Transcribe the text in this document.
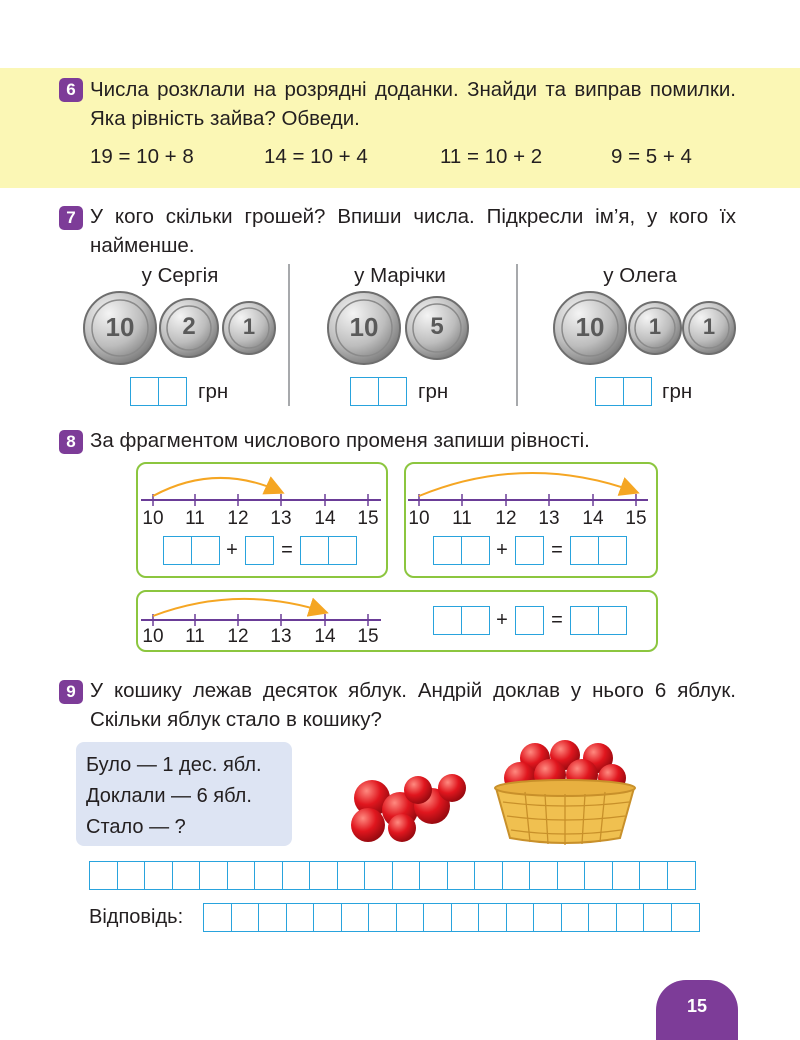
6 Числа розклали на розрядні доданки. Знайди та виправ помилки. Яка рівність зайва? Обведи.
19 = 10 + 8	14 = 10 + 4	11 = 10 + 2	9 = 5 + 4
7 У кого скільки грошей? Впиши числа. Підкресли ім’я, у кого їх найменше.
у Сергія	у Марічки	у Олега
10	2	1	10	5	10 1 1
грн	грн	грн
8 За фрагментом числового променя запиши рівності.
10 11 12 13 14 15 10 11 12 13 14 15
10 11 12 13 14 15
+ =	+ =
+ =
9 У кошику лежав десяток яблук. Андрій доклав у нього 6 яблук. Скільки яблук стало в кошику?
Було — 1 дес. ябл.
Доклали — 6 ябл.
Стало — ?
Відповідь:
15
